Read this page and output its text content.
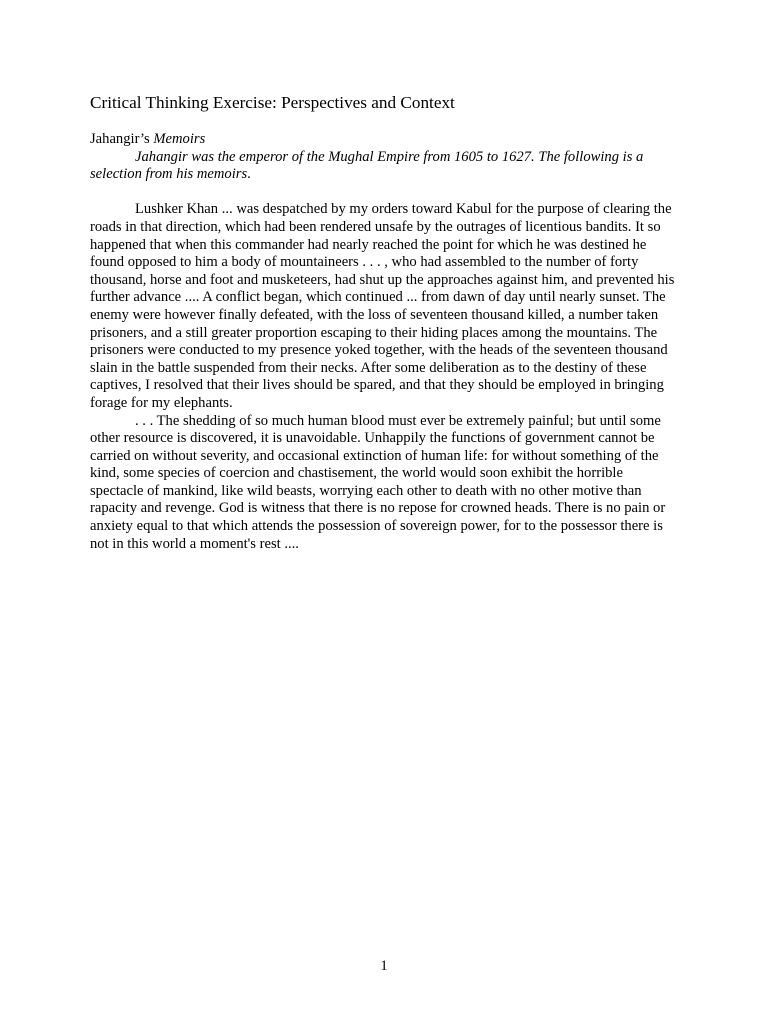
Critical Thinking Exercise: Perspectives and Context

Jahangir’s Memoirs

Jahangir was the emperor of the Mughal Empire from 1605 to 1627. The following is a selection from his memoirs.

Lushker Khan ... was despatched by my orders toward Kabul for the purpose of clearing the roads in that direction, which had been rendered unsafe by the outrages of licentious bandits. It so happened that when this commander had nearly reached the point for which he was destined he found opposed to him a body of mountaineers . . . , who had assembled to the number of forty thousand, horse and foot and musketeers, had shut up the approaches against him, and prevented his further advance .... A conflict began, which continued ... from dawn of day until nearly sunset. The enemy were however finally defeated, with the loss of seventeen thousand killed, a number taken prisoners, and a still greater proportion escaping to their hiding places among the mountains. The prisoners were conducted to my presence yoked together, with the heads of the seventeen thousand slain in the battle suspended from their necks. After some deliberation as to the destiny of these captives, I resolved that their lives should be spared, and that they should be employed in bringing forage for my elephants.

. . . The shedding of so much human blood must ever be extremely painful; but until some other resource is discovered, it is unavoidable. Unhappily the functions of government cannot be carried on without severity, and occasional extinction of human life: for without something of the kind, some species of coercion and chastisement, the world would soon exhibit the horrible spectacle of mankind, like wild beasts, worrying each other to death with no other motive than rapacity and revenge. God is witness that there is no repose for crowned heads. There is no pain or anxiety equal to that which attends the possession of sovereign power, for to the possessor there is not in this world a moment's rest ....

1
